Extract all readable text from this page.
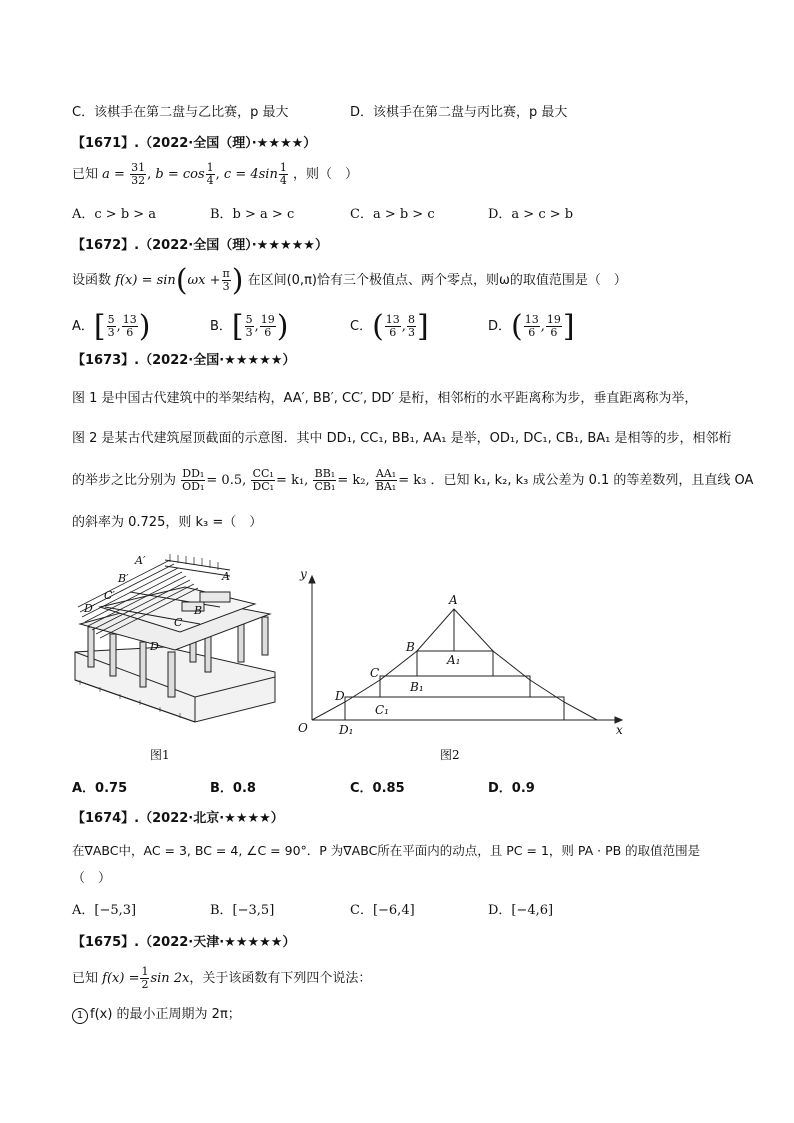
C．该棋手在第二盘与乙比赛，p 最大	D．该棋手在第二盘与丙比赛，p 最大
【1671】.（2022·全国（理）·★★★★）
已知 $a = \frac{31}{32}$ , $b = \cos \frac{1}{4}$ , $c = 4\sin \frac{1}{4}$ ，则（　）
A．c > b > a	B．b > a > c	C．a > b > c	D．a > c > b
【1672】.（2022·全国（理）·★★★★★）
设函数 $f(x) = \sin(\omega x + \frac{\pi}{3}$ ) 在区间(0,π)恰有三个极值点、两个零点，则ω的取值范围是（　）
A．[ $\frac{5}{3}$ , $\frac{13}{6}$ )	B．[ $\frac{5}{3}$ , $\frac{19}{6}$ )	C．( $\frac{13}{6}$ , $\frac{8}{3}$ ]	D．( $\frac{13}{6}$ , $\frac{19}{6}$ ]
【1673】.（2022·全国·★★★★★）
图 1 是中国古代建筑中的举架结构，AA′, BB′, CC′, DD′ 是桁，相邻桁的水平距离称为步，垂直距离称为举，
图 2 是某古代建筑屋顶截面的示意图．其中 DD₁, CC₁, BB₁, AA₁ 是举，OD₁, DC₁, CB₁, BA₁ 是相等的步，相邻桁
的举步之比分别为 $\frac{\text{DD₁}}{\text{OD₁}} = 0.5$, $\frac{\text{CC₁}}{\text{DC₁}} = k_1$, $\frac{\text{BB₁}}{\text{CB₁}} = k_2$, $\frac{\text{AA₁}}{\text{BA₁}} = k_3$ ．已知 k₁, k₂, k₃ 成公差为 0.1 的等差数列，且直线 OA
的斜率为 0.725，则 k₃ =（　）
A′
B′
C′
D′
A
B
C
D
图1
y
x
O
A
B
C
D
A₁
B₁
C₁
D₁
图2
A．0.75	B．0.8	C．0.85	D．0.9
【1674】.（2022·北京·★★★★）
在∇ABC中，AC = 3, BC = 4, ∠C = 90°．P 为∇ABC所在平面内的动点，且 PC = 1，则 PA · PB 的取值范围是
（　）
A．[−5,3]	B．[−3,5]	C．[−6,4]	D．[−4,6]
【1675】.（2022·天津·★★★★★）
已知 $f(x) = \frac{1}{2}$ sin 2x，关于该函数有下列四个说法：
1 f(x) 的最小正周期为 2π；
